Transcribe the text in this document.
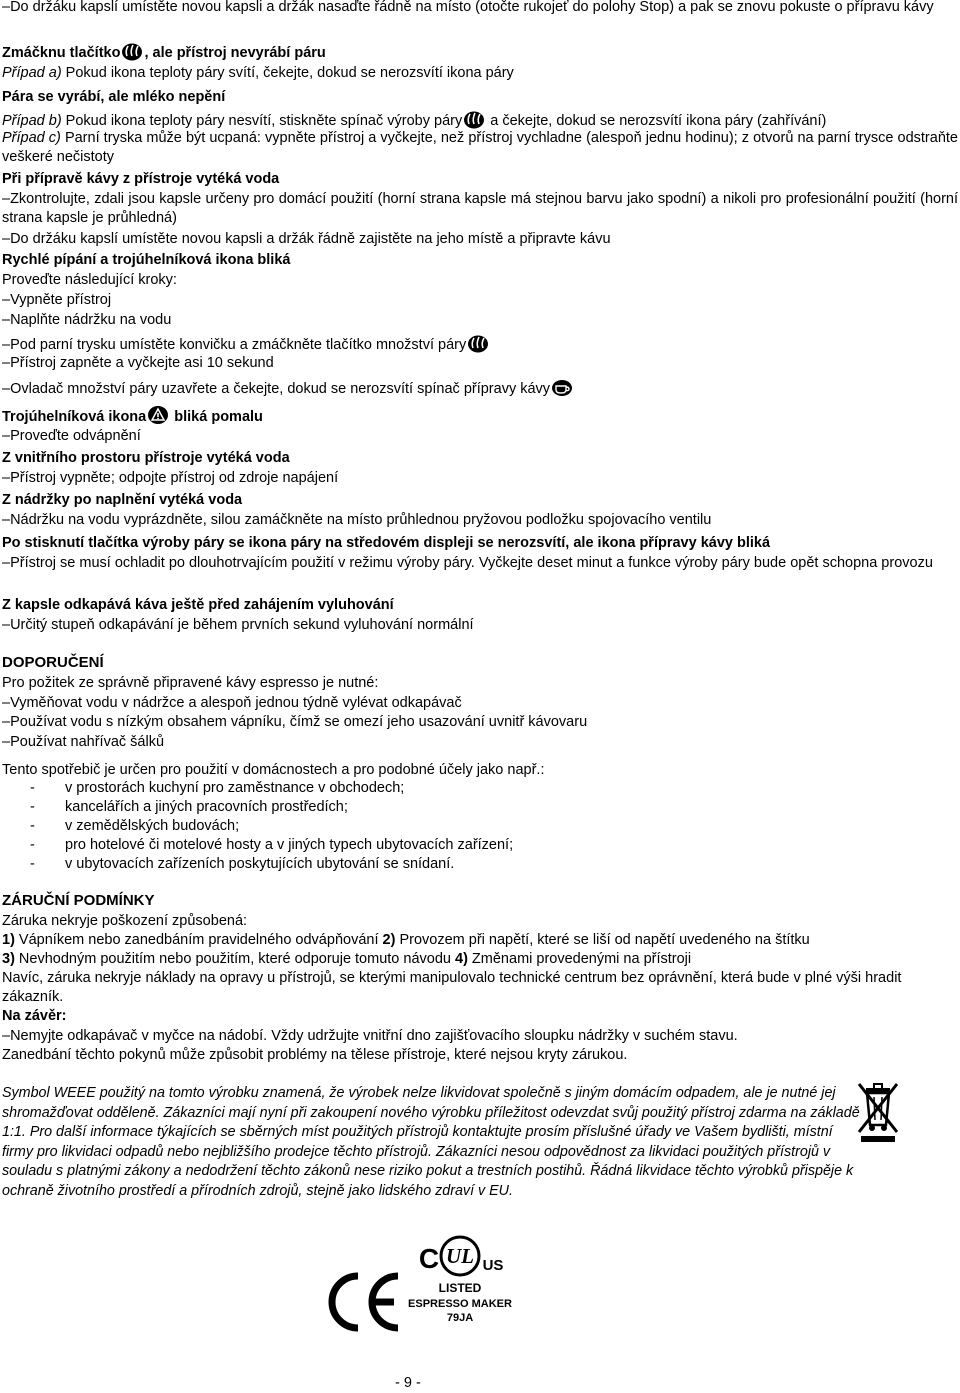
– Do držáku kapslí umístěte novou kapsli a držák nasaďte řádně na místo (otočte rukojeť do polohy Stop) a pak se znovu pokuste o přípravu kávy
Zmáčknu tlačítko , ale přístroj nevyrábí páru
Případ a) Pokud ikona teploty páry svítí, čekejte, dokud se nerozsvítí ikona páry
Pára se vyrábí, ale mléko nepění
Případ b) Pokud ikona teploty páry nesvítí, stiskněte spínač výroby páry a čekejte, dokud se nerozsvítí ikona páry (zahřívání)
Případ c) Parní tryska může být ucpaná: vypněte přístroj a vyčkejte, než přístroj vychladne (alespoň jednu hodinu); z otvorů na parní trysce odstraňte veškeré nečistoty
Při přípravě kávy z přístroje vytéká voda
– Zkontrolujte, zdali jsou kapsle určeny pro domácí použití (horní strana kapsle má stejnou barvu jako spodní) a nikoli pro profesionální použití (horní strana kapsle je průhledná)
– Do držáku kapslí umístěte novou kapsli a držák řádně zajistěte na jeho místě a připravte kávu
Rychlé pípání a trojúhelníková ikona bliká
Proveďte následující kroky:
– Vypněte přístroj
– Naplňte nádržku na vodu
– Pod parní trysku umístěte konvičku a zmáčkněte tlačítko množství páry
– Přístroj zapněte a vyčkejte asi 10 sekund
– Ovladač množství páry uzavřete a čekejte, dokud se nerozsvítí spínač přípravy kávy
Trojúhelníková ikona bliká pomalu
– Proveďte odvápnění
Z vnitřního prostoru přístroje vytéká voda
– Přístroj vypněte; odpojte přístroj od zdroje napájení
Z nádržky po naplnění vytéká voda
– Nádržku na vodu vyprázdněte, silou zamáčkněte na místo průhlednou pryžovou podložku spojovacího ventilu
Po stisknutí tlačítka výroby páry se ikona páry na středovém displeji se nerozsvítí, ale ikona přípravy kávy bliká
– Přístroj se musí ochladit po dlouhotrvajícím použití v režimu výroby páry. Vyčkejte deset minut a funkce výroby páry bude opět schopna provozu
Z kapsle odkapává káva ještě před zahájením vyluhování
– Určitý stupeň odkapávání je během prvních sekund vyluhování normální
DOPORUČENÍ
Pro požitek ze správně připravené kávy espresso je nutné:
– Vyměňovat vodu v nádržce a alespoň jednou týdně vylévat odkapávač
– Používat vodu s nízkým obsahem vápníku, čímž se omezí jeho usazování uvnitř kávovaru
– Používat nahřívač šálků
Tento spotřebič je určen pro použití v domácnostech a pro podobné účely jako např.:
- v prostorách kuchyní pro zaměstnance v obchodech;
- kancelářích a jiných pracovních prostředích;
- v zemědělských budovách;
- pro hotelové či motelové hosty a v jiných typech ubytovacích zařízení;
- v ubytovacích zařízeních poskytujících ubytování se snídaní.
ZÁRUČNÍ PODMÍNKY
Záruka nekryje poškození způsobená:
1) Vápníkem nebo zanedbáním pravidelného odvápňování 2) Provozem při napětí, které se liší od napětí uvedeného na štítku
3) Nevhodným použitím nebo použitím, které odporuje tomuto návodu 4) Změnami provedenými na přístroji
Navíc, záruka nekryje náklady na opravy u přístrojů, se kterými manipulovalo technické centrum bez oprávnění, která bude v plné výši hradit zákazník.
Na závěr:
– Nemyjte odkapávač v myčce na nádobí. Vždy udržujte vnitřní dno zajišťovacího sloupku nádržky v suchém stavu.
Zanedbání těchto pokynů může způsobit problémy na tělese přístroje, které nejsou kryty zárukou.
Symbol WEEE použitý na tomto výrobku znamená, že výrobek nelze likvidovat společně s jiným domácím odpadem, ale je nutné jej shromažďovat odděleně. Zákazníci mají nyní při zakoupení nového výrobku příležitost odevzdat svůj použitý přístroj zdarma na základě 1:1. Pro další informace týkajících se sběrných míst použitých přístrojů kontaktujte prosím příslušné úřady ve Vašem bydlišti, místní firmy pro likvidaci odpadů nebo nejbližšího prodejce těchto přístrojů. Zákazníci nesou odpovědnost za likvidaci použitých přístrojů v souladu s platnými zákony a nedodržení těchto zákonů nese riziko pokut a trestních postihů. Řádná likvidace těchto výrobků přispěje k ochraně životního prostředí a přírodních zdrojů, stejně jako lidského zdraví v EU.
UL
C	US
LISTED
ESPRESSO MAKER
79JA
- 9 -
